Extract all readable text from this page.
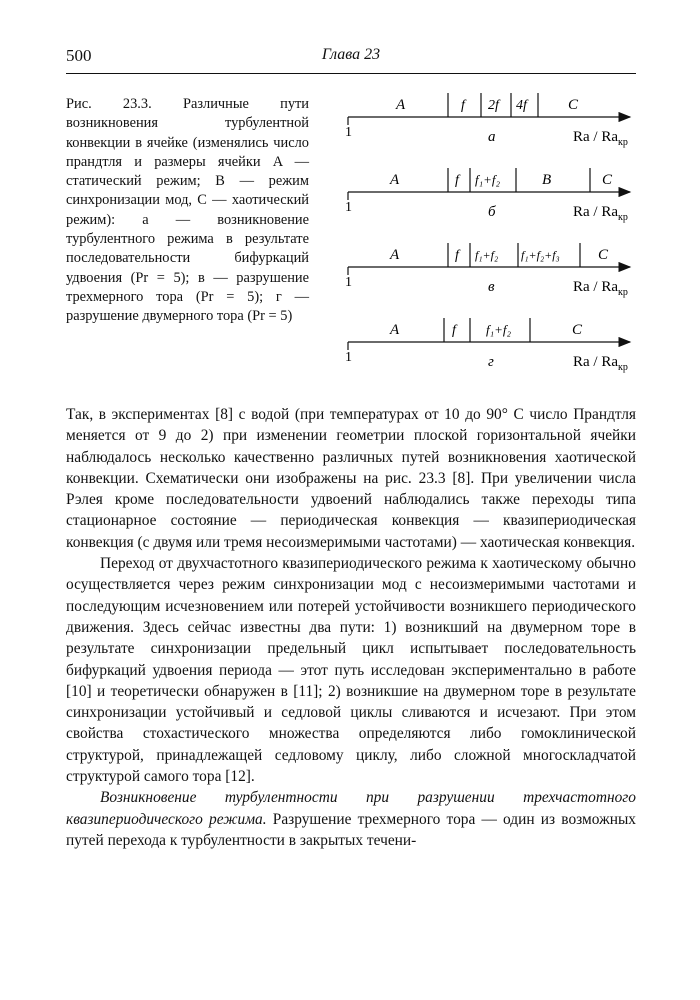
500	Глава 23
Рис. 23.3. Различные пути возникновения турбулентной конвекции в ячейке (изменялись число прандтля и размеры ячейки A — статический режим; B — режим синхронизации мод, C — хаотический режим): а — возникновение турбулентного режима в результате последовательности бифуркаций удвоения (Pr = 5); в — разрушение трехмерного тора (Pr = 5); г — разрушение двумерного тора (Pr = 5)
A	f 2f 4f	C
1	а	Ra / $Ra_{кр}$
A	f f₁+f₂	B	C
1	б	Ra / $Ra_{кр}$
A	f f₁+f₂ f₁+f₂+f₃	C
1	в	Ra / $Ra_{кр}$
A	f f₁+f₂	C
1	г	Ra / $Ra_{кр}$

Так, в экспериментах [8] с водой (при температурах от 10 до 90° C число Прандтля меняется от 9 до 2) при изменении геометрии плоской горизонтальной ячейки наблюдалось несколько качественно различных путей возникновения хаотической конвекции. Схематически они изображены на рис. 23.3 [8]. При увеличении числа Рэлея кроме последовательности удвоений наблюдались также переходы типа стационарное состояние — периодическая конвекция — квазипериодическая конвекция (с двумя или тремя несоизмеримыми частотами) — хаотическая конвекция.

Переход от двухчастотного квазипериодического режима к хаотическому обычно осуществляется через режим синхронизации мод с несоизмеримыми частотами и последующим исчезновением или потерей устойчивости возникшего периодического движения. Здесь сейчас известны два пути: 1) возникший на двумерном торе в результате синхронизации предельный цикл испытывает последовательность бифуркаций удвоения периода — этот путь исследован экспериментально в работе [10] и теоретически обнаружен в [11]; 2) возникшие на двумерном торе в результате синхронизации устойчивый и седловой циклы сливаются и исчезают. При этом свойства стохастического множества определяются либо гомоклинической структурой, принадлежащей седловому циклу, либо сложной многоскладчатой структурой самого тора [12].

Возникновение турбулентности при разрушении трехчастотного квазипериодического режима. Разрушение трехмерного тора — один из возможных путей перехода к турбулентности в закрытых течени-
